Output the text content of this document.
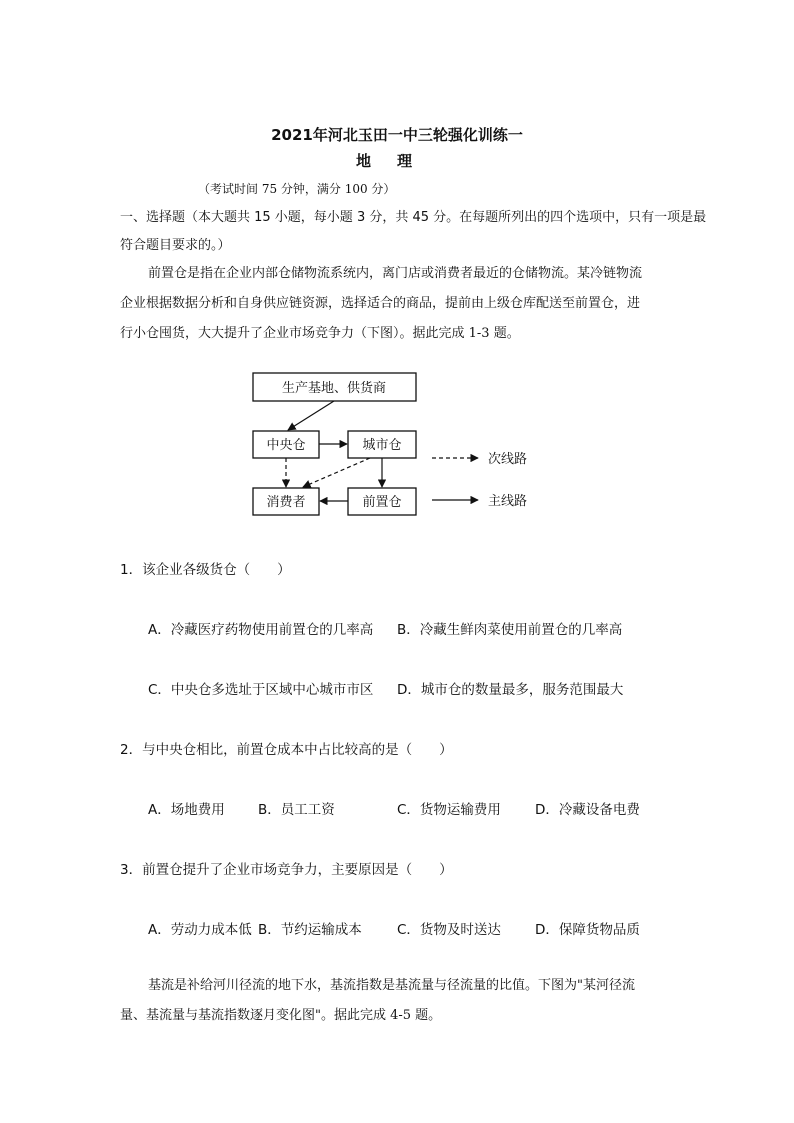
2021年河北玉田一中三轮强化训练一
地理
（考试时间 75 分钟，满分 100 分）
一、选择题（本大题共 15 小题，每小题 3 分，共 45 分。在每题所列出的四个选项中，只有一项是最
符合题目要求的。）
前置仓是指在企业内部仓储物流系统内，离门店或消费者最近的仓储物流。某冷链物流
企业根据数据分析和自身供应链资源，选择适合的商品，提前由上级仓库配送至前置仓，进
行小仓囤货，大大提升了企业市场竞争力（下图）。据此完成 1-3 题。
生产基地、供货商
中央仓	城市仓
消费者	前置仓
次线路
主线路
1．该企业各级货仓（　　）
A．冷藏医疗药物使用前置仓的几率高 B．冷藏生鲜肉菜使用前置仓的几率高
C．中央仓多选址于区域中心城市市区 D．城市仓的数量最多，服务范围最大
2．与中央仓相比，前置仓成本中占比较高的是（　　）
A．场地费用 B．员工工资	C．货物运输费用	D．冷藏设备电费
3．前置仓提升了企业市场竞争力，主要原因是（　　）
A．劳动力成本低 B．节约运输成本	C．货物及时送达	D．保障货物品质
基流是补给河川径流的地下水，基流指数是基流量与径流量的比值。下图为"某河径流
量、基流量与基流指数逐月变化图"。据此完成 4-5 题。
